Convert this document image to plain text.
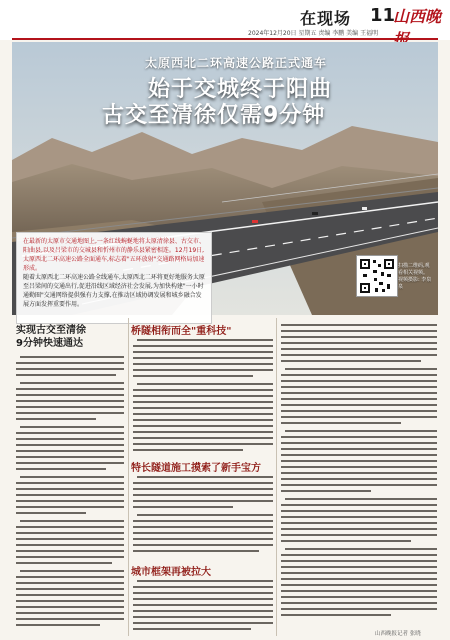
在现场 11
山西晚
2024年12月20日 星期五 责编 李鹏 美编 王福明
太原西北二环高速公路正式通车
始于交城终于阳曲
古交至清徐仅需9分钟
在最新的太原市交通地图上,一条红线蜿蜒地将太原清徐县、古交市、阳曲县,以及吕梁市的交城县和忻州市的静乐县紧密相连。12月19日,太原西北二环高速公路全面通车,标志着"五环放射"交通路网格局加速形成。
随着太原西北二环高速公路全线通车,太原西北二环将更好地服务太原至吕梁间的交通出行,促进沿线区域经济社会发展,为加快构建"一小时通勤圈"交通网络提供强有力支撑,在推动区域协调发展和城乡融合发展方面发挥重要作用。
扫描二维码,观看相关视频。 视频摄影: 李泉泉
实现古交至清徐
9分钟快速通达
桥隧相衔而全"重科技"
特长隧道施工摸索了新手宝方
城市框架再被拉大
山西晚报记者 张晓
